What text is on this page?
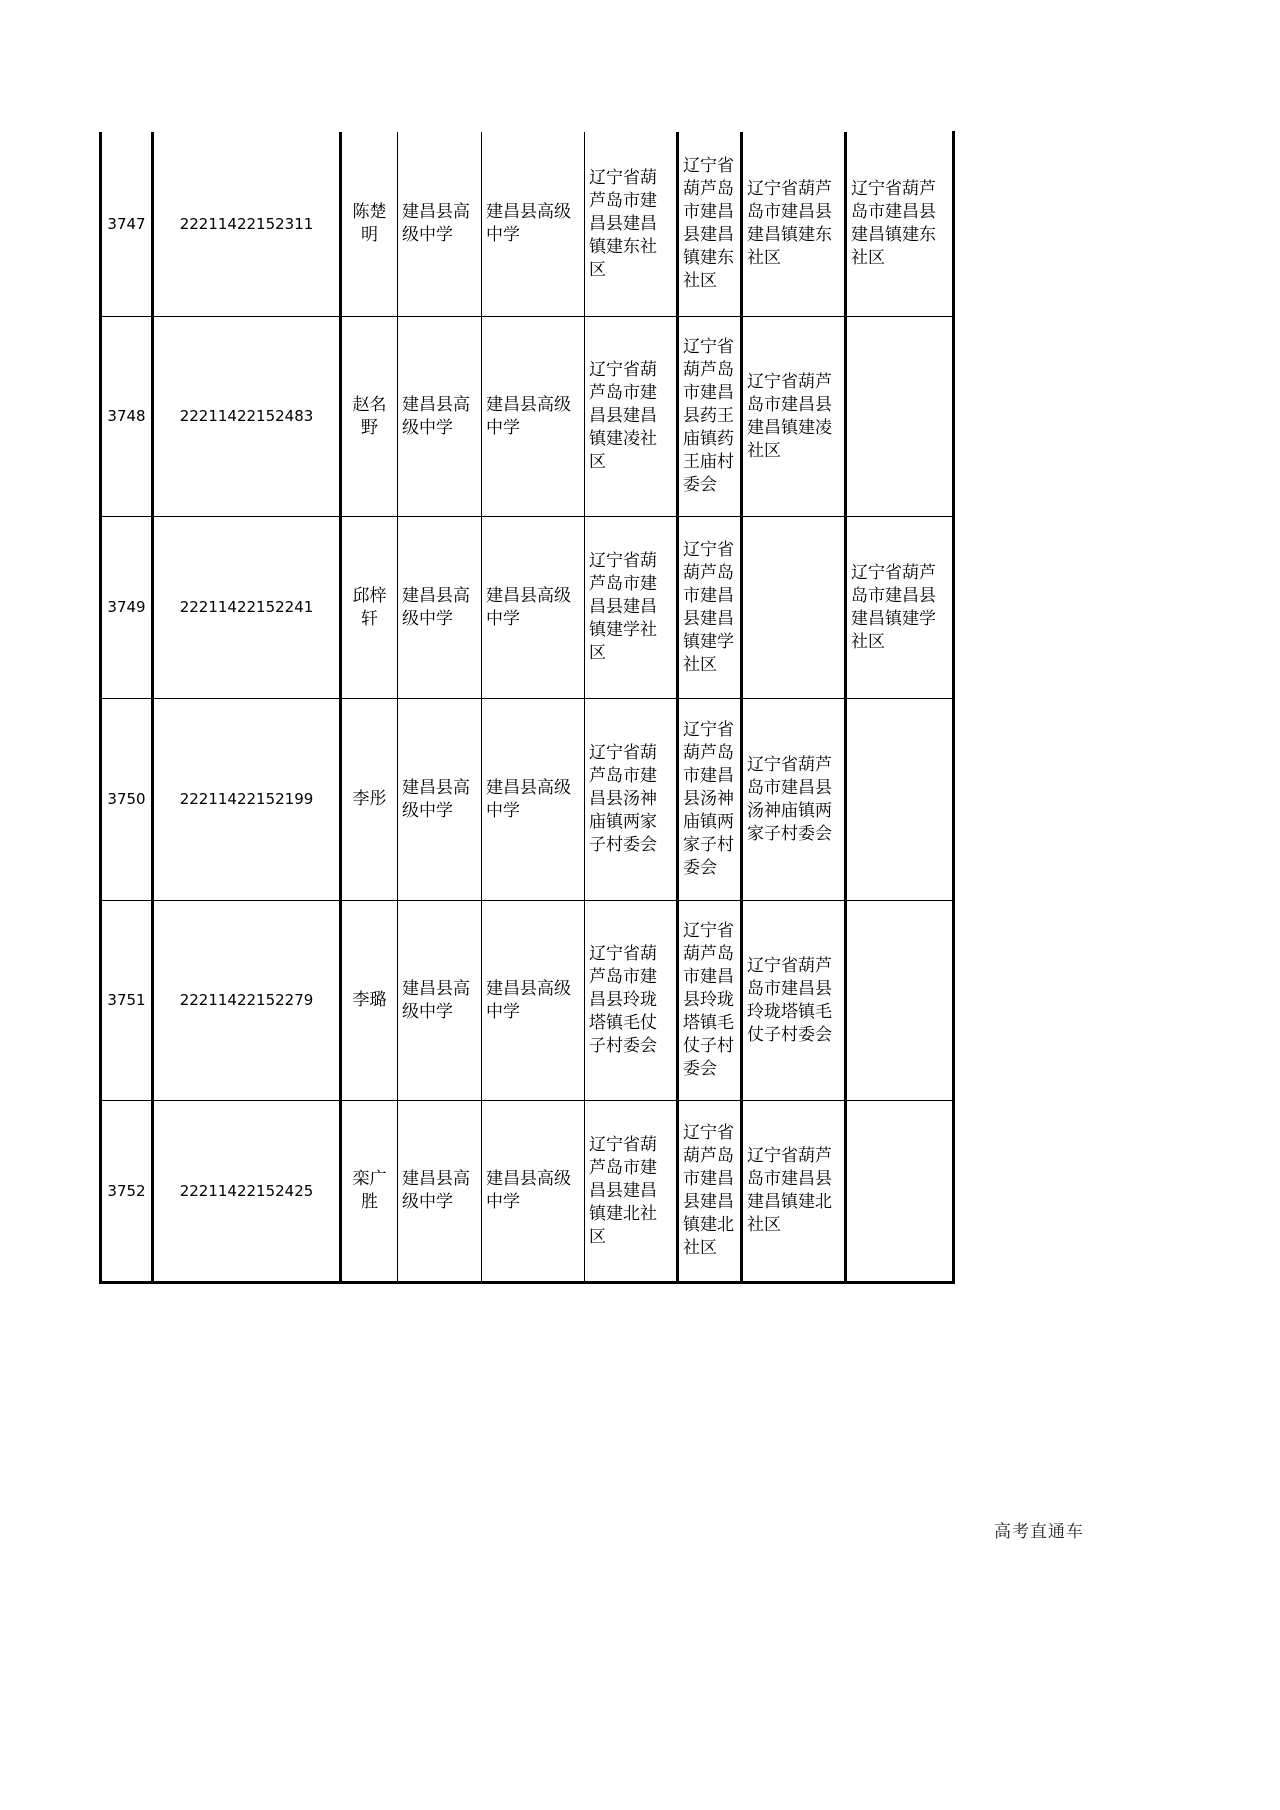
3747	22211422152311	陈楚明	建昌县高级中学	建昌县高级中学	辽宁省葫芦岛市建昌县建昌镇建东社区	辽宁省葫芦岛市建昌县建昌镇建东社区	辽宁省葫芦岛市建昌县建昌镇建东社区	辽宁省葫芦岛市建昌县建昌镇建东社区
3748	22211422152483	赵名野	建昌县高级中学	建昌县高级中学	辽宁省葫芦岛市建昌县建昌镇建凌社区	辽宁省葫芦岛市建昌县药王庙镇药王庙村委会	辽宁省葫芦岛市建昌县建昌镇建凌社区	
3749	22211422152241	邱梓轩	建昌县高级中学	建昌县高级中学	辽宁省葫芦岛市建昌县建昌镇建学社区	辽宁省葫芦岛市建昌县建昌镇建学社区		辽宁省葫芦岛市建昌县建昌镇建学社区
3750	22211422152199	李彤	建昌县高级中学	建昌县高级中学	辽宁省葫芦岛市建昌县汤神庙镇两家子村委会	辽宁省葫芦岛市建昌县汤神庙镇两家子村委会	辽宁省葫芦岛市建昌县汤神庙镇两家子村委会	
3751	22211422152279	李璐	建昌县高级中学	建昌县高级中学	辽宁省葫芦岛市建昌县玲珑塔镇毛仗子村委会	辽宁省葫芦岛市建昌县玲珑塔镇毛仗子村委会	辽宁省葫芦岛市建昌县玲珑塔镇毛仗子村委会	
3752	22211422152425	栾广胜	建昌县高级中学	建昌县高级中学	辽宁省葫芦岛市建昌县建昌镇建北社区	辽宁省葫芦岛市建昌县建昌镇建北社区	辽宁省葫芦岛市建昌县建昌镇建北社区	
高考直通车
